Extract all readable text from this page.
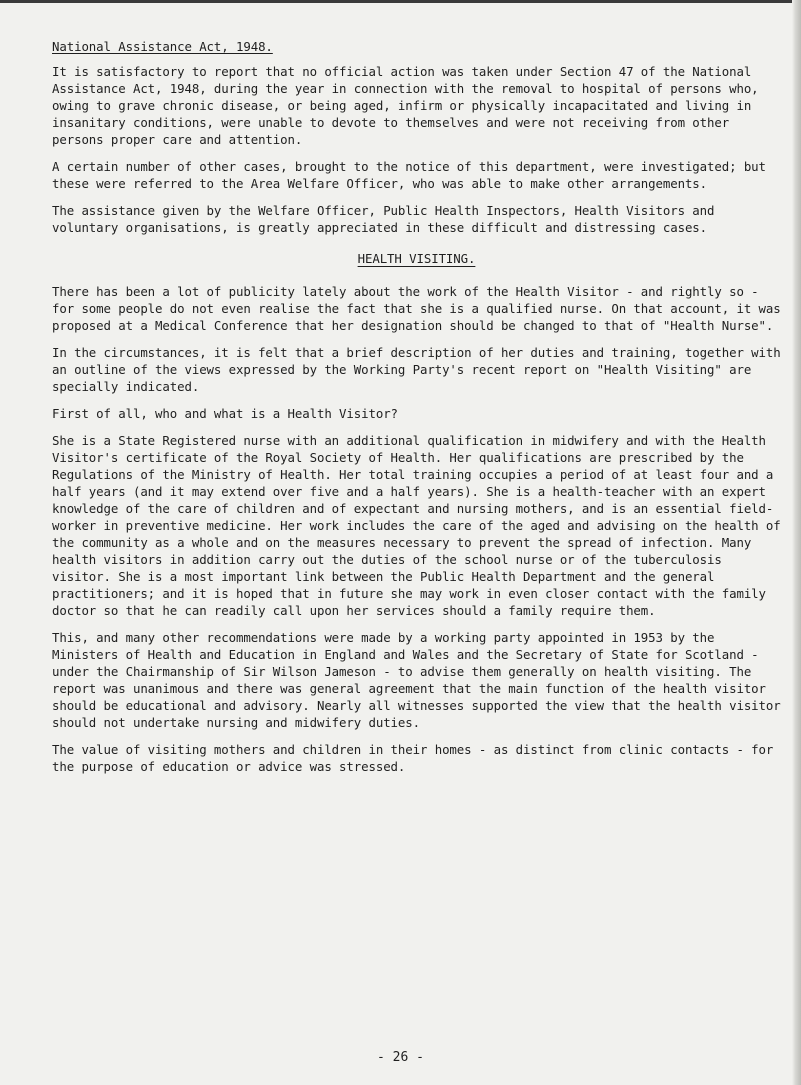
National Assistance Act, 1948.

It is satisfactory to report that no official action was taken under Section 47 of the National Assistance Act, 1948, during the year in connection with the removal to hospital of persons who, owing to grave chronic disease, or being aged, infirm or physically incapacitated and living in insanitary conditions, were unable to devote to themselves and were not receiving from other persons proper care and attention.

A certain number of other cases, brought to the notice of this department, were investigated; but these were referred to the Area Welfare Officer, who was able to make other arrangements.

The assistance given by the Welfare Officer, Public Health Inspectors, Health Visitors and voluntary organisations, is greatly appreciated in these difficult and distressing cases.

HEALTH VISITING.

There has been a lot of publicity lately about the work of the Health Visitor - and rightly so - for some people do not even realise the fact that she is a qualified nurse. On that account, it was proposed at a Medical Conference that her designation should be changed to that of "Health Nurse".

In the circumstances, it is felt that a brief description of her duties and training, together with an outline of the views expressed by the Working Party's recent report on "Health Visiting" are specially indicated.

First of all, who and what is a Health Visitor?

She is a State Registered nurse with an additional qualification in midwifery and with the Health Visitor's certificate of the Royal Society of Health. Her qualifications are prescribed by the Regulations of the Ministry of Health. Her total training occupies a period of at least four and a half years (and it may extend over five and a half years). She is a health-teacher with an expert knowledge of the care of children and of expectant and nursing mothers, and is an essential field-worker in preventive medicine. Her work includes the care of the aged and advising on the health of the community as a whole and on the measures necessary to prevent the spread of infection. Many health visitors in addition carry out the duties of the school nurse or of the tuberculosis visitor. She is a most important link between the Public Health Department and the general practitioners; and it is hoped that in future she may work in even closer contact with the family doctor so that he can readily call upon her services should a family require them.

This, and many other recommendations were made by a working party appointed in 1953 by the Ministers of Health and Education in England and Wales and the Secretary of State for Scotland - under the Chairmanship of Sir Wilson Jameson - to advise them generally on health visiting. The report was unanimous and there was general agreement that the main function of the health visitor should be educational and advisory. Nearly all witnesses supported the view that the health visitor should not undertake nursing and midwifery duties.

The value of visiting mothers and children in their homes - as distinct from clinic contacts - for the purpose of education or advice was stressed.

- 26 -
